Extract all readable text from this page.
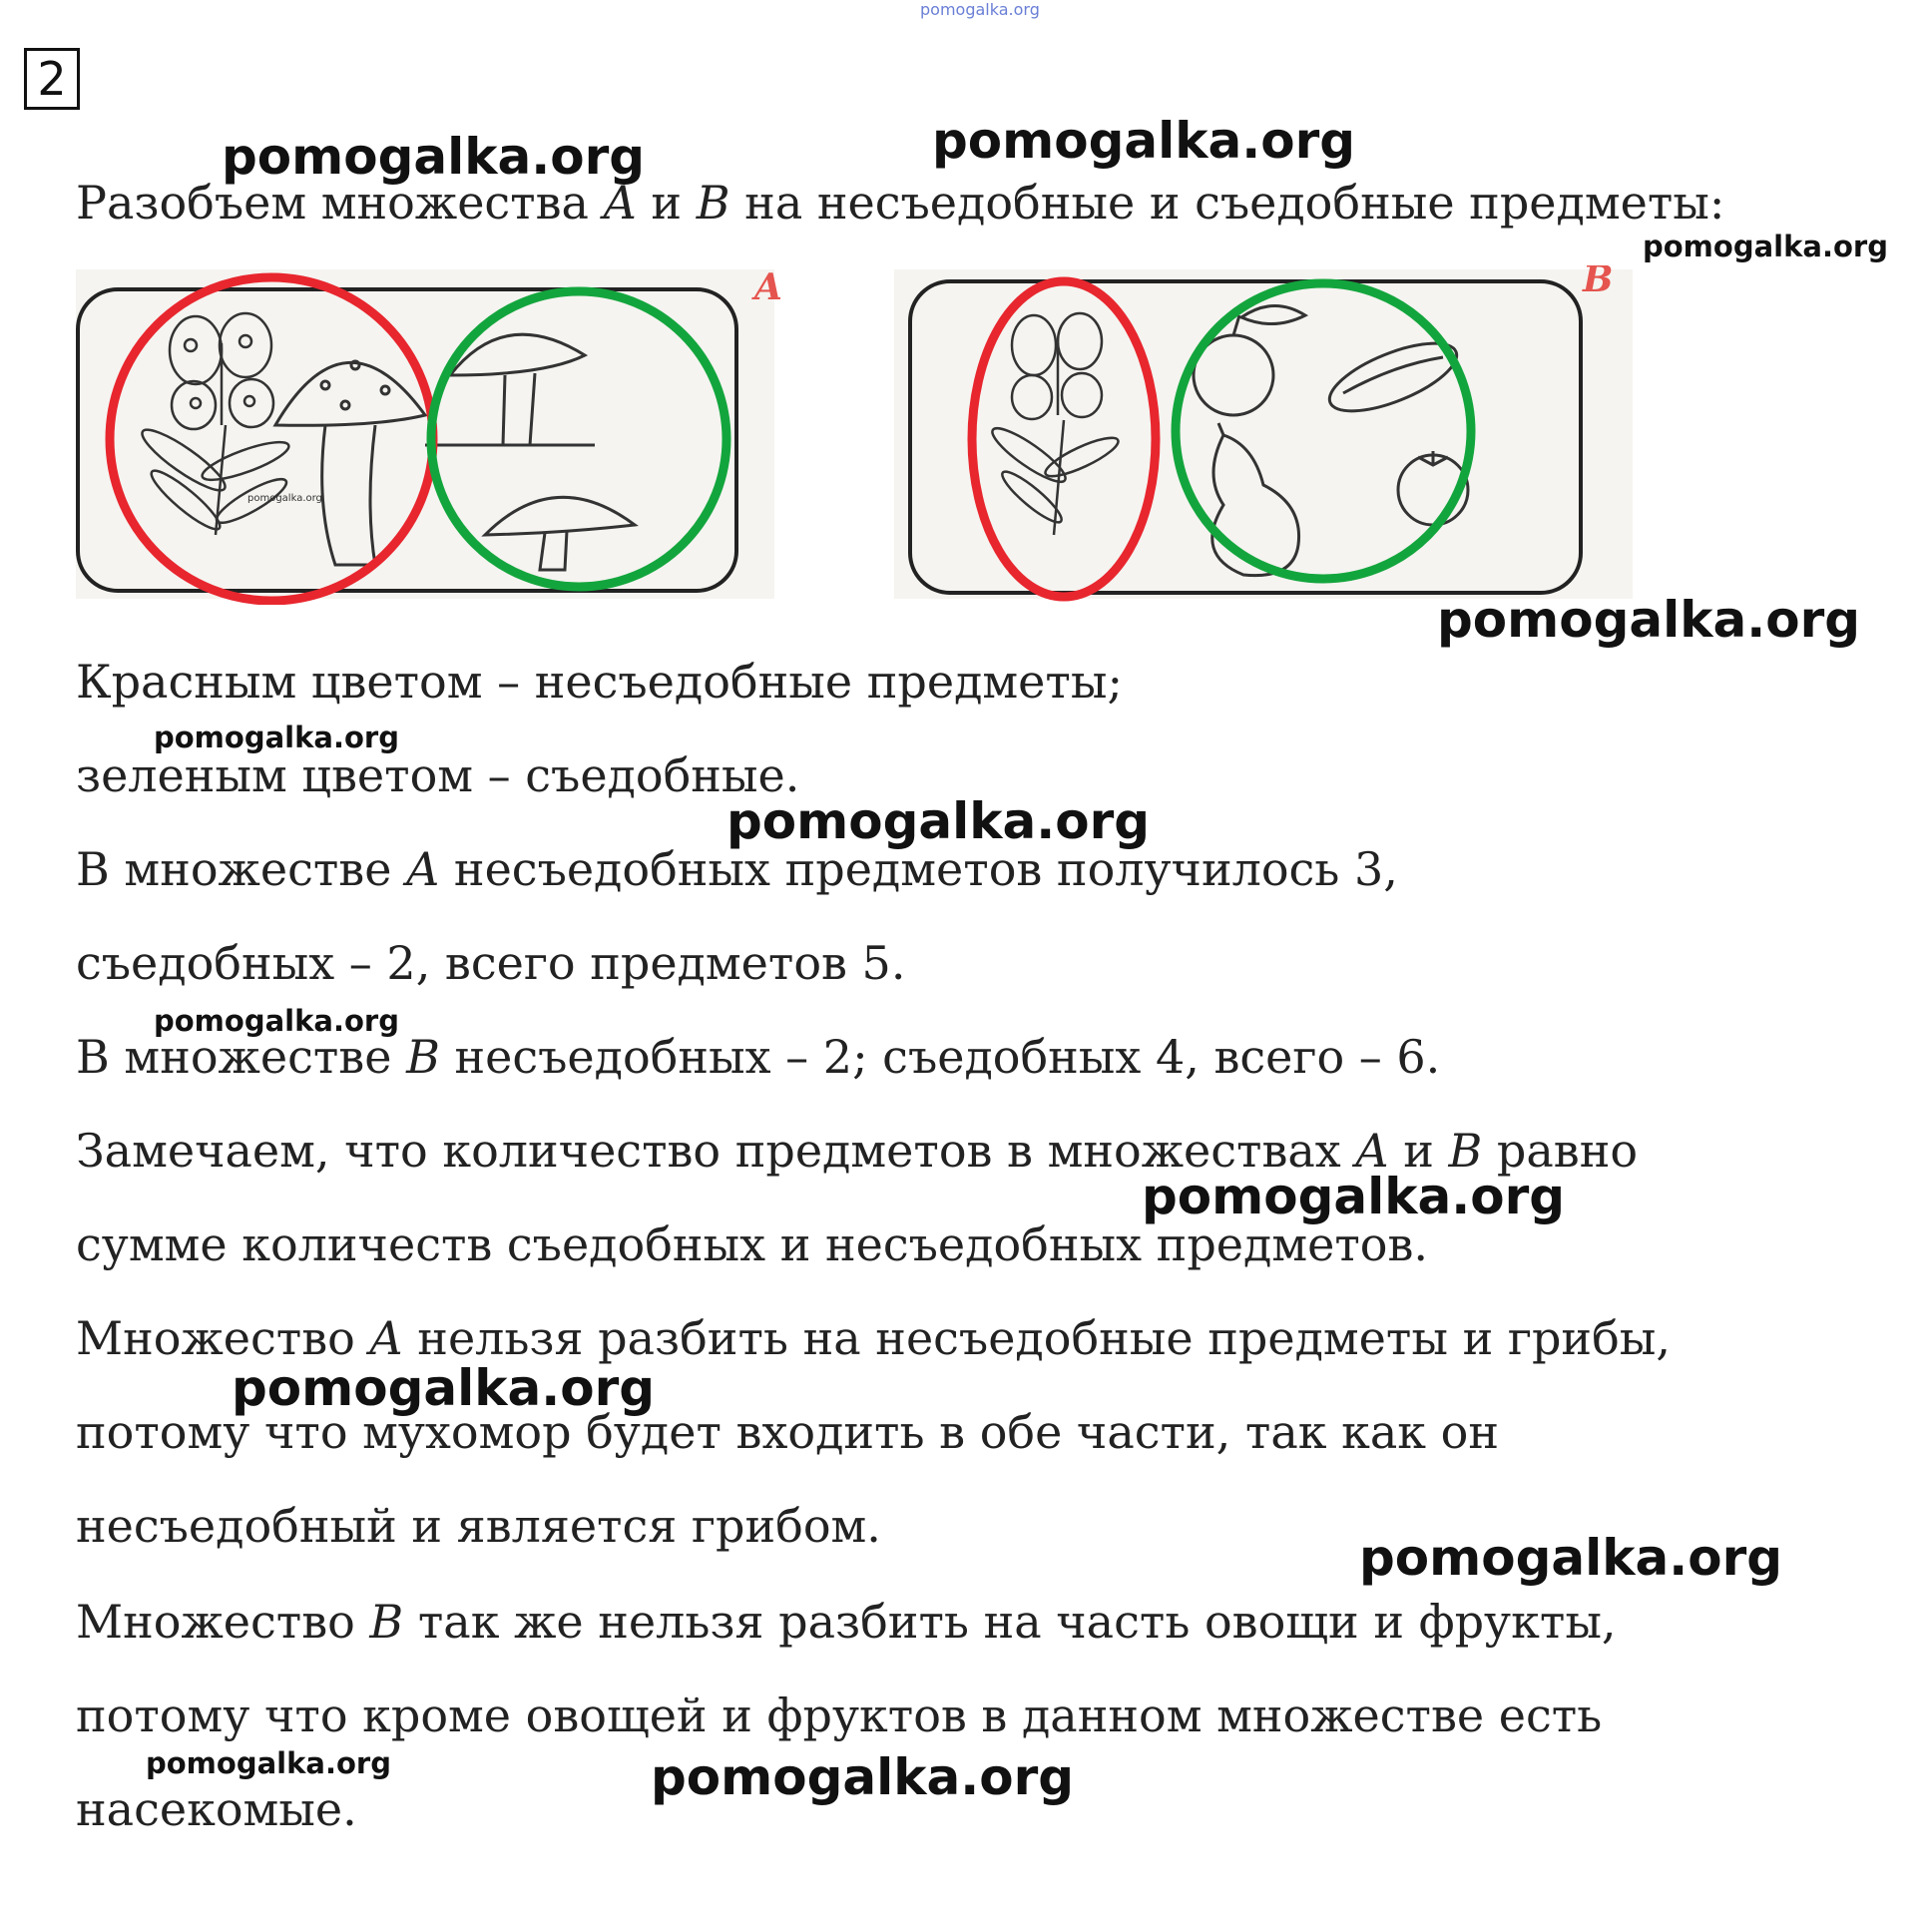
pomogalka.org
2
Разобъем множества A и B на несъедобные и съедобные предметы:
A
pomogalka.org
B
Красным цветом – несъедобные предметы;
зеленым цветом – съедобные.
В множестве A несъедобных предметов получилось 3,
съедобных – 2, всего предметов 5.
В множестве B несъедобных – 2; съедобных 4, всего – 6.
Замечаем, что количество предметов в множествах A и B равно
сумме количеств съедобных и несъедобных предметов.
Множество A нельзя разбить на несъедобные предметы и грибы,
потому что мухомор будет входить в обе части, так как он
несъедобный и является грибом.
Множество B так же нельзя разбить на часть овощи и фрукты,
потому что кроме овощей и фруктов в данном множестве есть
насекомые.
pomogalka.org	pomogalka.org
pomogalka.org
pomogalka.org
pomogalka.org
pomogalka.org
pomogalka.org
pomogalka.org
pomogalka.org
pomogalka.org
pomogalka.org	pomogalka.org
